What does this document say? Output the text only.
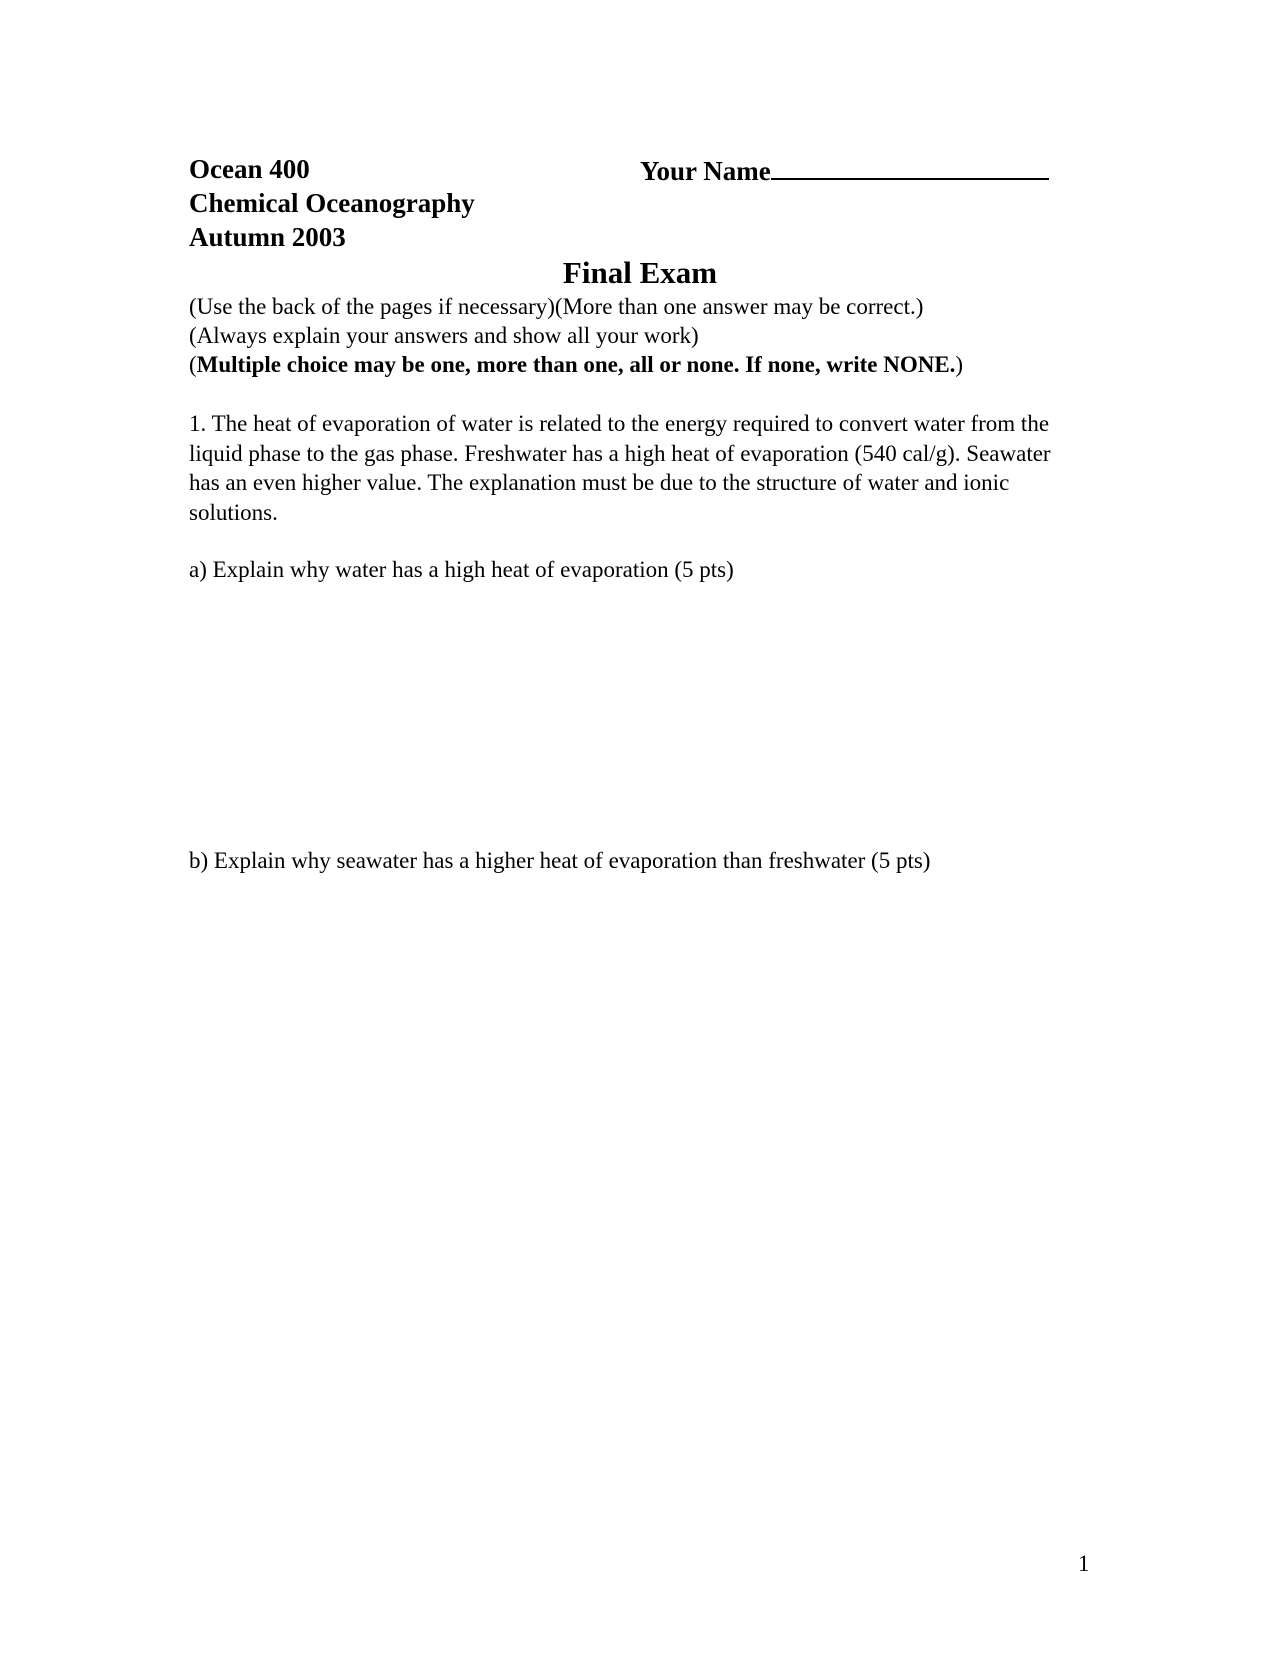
Ocean 400
Chemical Oceanography
Autumn 2003
Your Name
Final Exam
(Use the back of the pages if necessary)(More than one answer may be correct.)
(Always explain your answers and show all your work)
(Multiple choice may be one, more than one, all or none. If none, write NONE.)
1. The heat of evaporation of water is related to the energy required to convert water from the liquid phase to the gas phase. Freshwater has a high heat of evaporation (540 cal/g). Seawater has an even higher value. The explanation must be due to the structure of water and ionic solutions.
a) Explain why water has a high heat of evaporation (5 pts)
b) Explain why seawater has a higher heat of evaporation than freshwater (5 pts)
1
